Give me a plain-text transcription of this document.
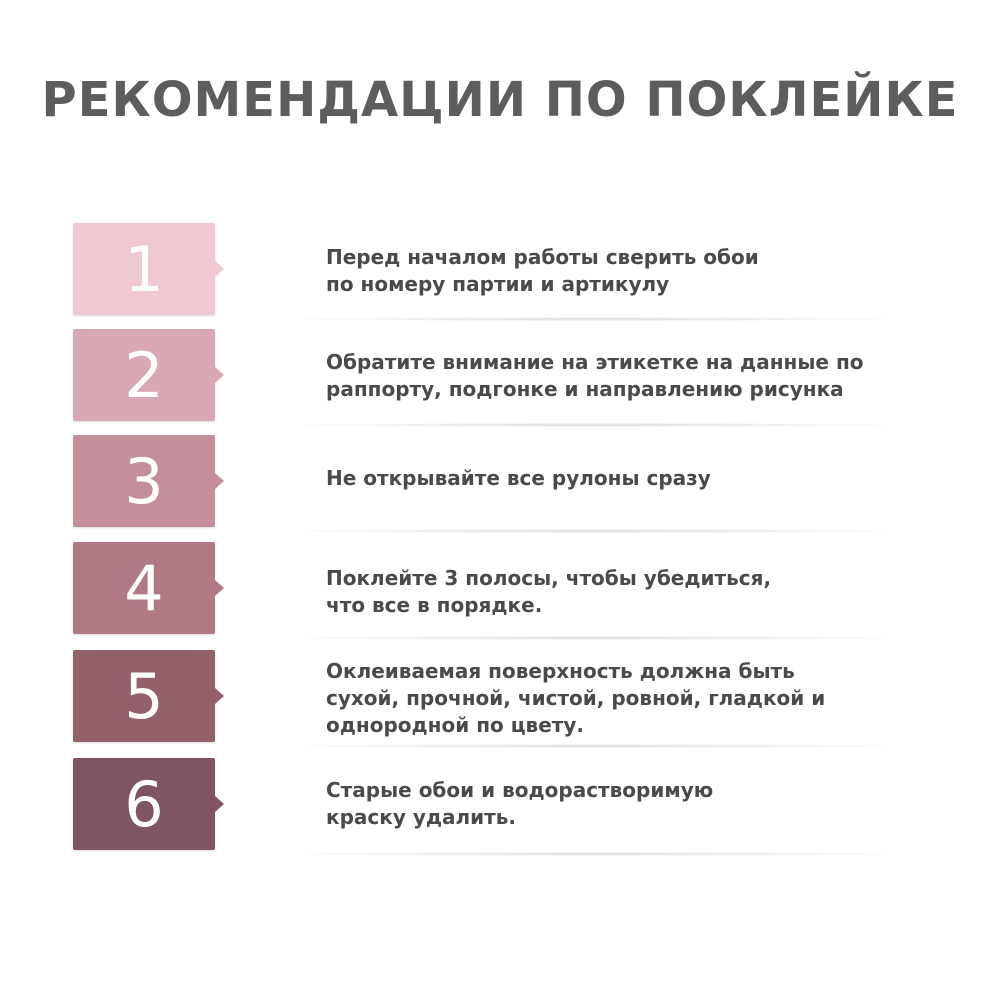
РЕКОМЕНДАЦИИ ПО ПОКЛЕЙКЕ
1	Перед началом работы сверить обои
по номеру партии и артикулу
2	Обратите внимание на этикетке на данные по
раппорту, подгонке и направлению рисунка
3	Не открывайте все рулоны сразу
4	Поклейте 3 полосы, чтобы убедиться,
что все в порядке.
5	Оклеиваемая поверхность должна быть
сухой, прочной, чистой, ровной, гладкой и
однородной по цвету.
6	Старые обои и водорастворимую
краску удалить.
